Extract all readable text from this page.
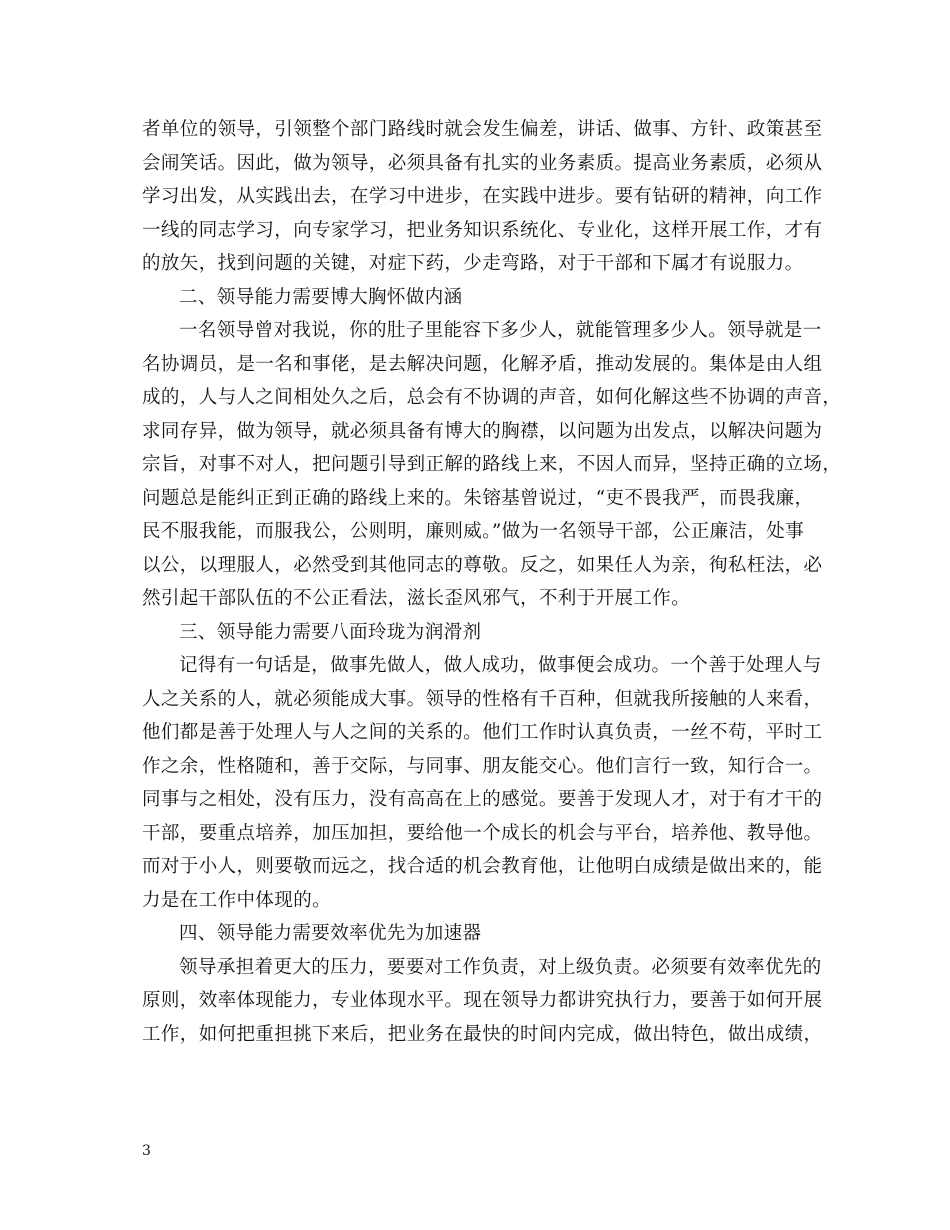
者单位的领导，引领整个部门路线时就会发生偏差，讲话、做事、方针、政策甚至
会闹笑话。因此，做为领导，必须具备有扎实的业务素质。提高业务素质，必须从
学习出发，从实践出去，在学习中进步，在实践中进步。要有钻研的精神，向工作
一线的同志学习，向专家学习，把业务知识系统化、专业化，这样开展工作，才有
的放矢，找到问题的关键，对症下药，少走弯路，对于干部和下属才有说服力。
二、领导能力需要博大胸怀做内涵
一名领导曾对我说，你的肚子里能容下多少人，就能管理多少人。领导就是一
名协调员，是一名和事佬，是去解决问题，化解矛盾，推动发展的。集体是由人组
成的，人与人之间相处久之后，总会有不协调的声音，如何化解这些不协调的声音，
求同存异，做为领导，就必须具备有博大的胸襟，以问题为出发点，以解决问题为
宗旨，对事不对人，把问题引导到正解的路线上来，不因人而异，坚持正确的立场，
问题总是能纠正到正确的路线上来的。朱镕基曾说过，“吏不畏我严，而畏我廉，
民不服我能，而服我公，公则明，廉则威。”做为一名领导干部，公正廉洁，处事
以公，以理服人，必然受到其他同志的尊敬。反之，如果任人为亲，徇私枉法，必
然引起干部队伍的不公正看法，滋长歪风邪气，不利于开展工作。
三、领导能力需要八面玲珑为润滑剂
记得有一句话是，做事先做人，做人成功，做事便会成功。一个善于处理人与
人之关系的人，就必须能成大事。领导的性格有千百种，但就我所接触的人来看，
他们都是善于处理人与人之间的关系的。他们工作时认真负责，一丝不苟，平时工
作之余，性格随和，善于交际，与同事、朋友能交心。他们言行一致，知行合一。
同事与之相处，没有压力，没有高高在上的感觉。要善于发现人才，对于有才干的
干部，要重点培养，加压加担，要给他一个成长的机会与平台，培养他、教导他。
而对于小人，则要敬而远之，找合适的机会教育他，让他明白成绩是做出来的，能
力是在工作中体现的。
四、领导能力需要效率优先为加速器
领导承担着更大的压力，要要对工作负责，对上级负责。必须要有效率优先的
原则，效率体现能力，专业体现水平。现在领导力都讲究执行力，要善于如何开展
工作，如何把重担挑下来后，把业务在最快的时间内完成，做出特色，做出成绩，
3
